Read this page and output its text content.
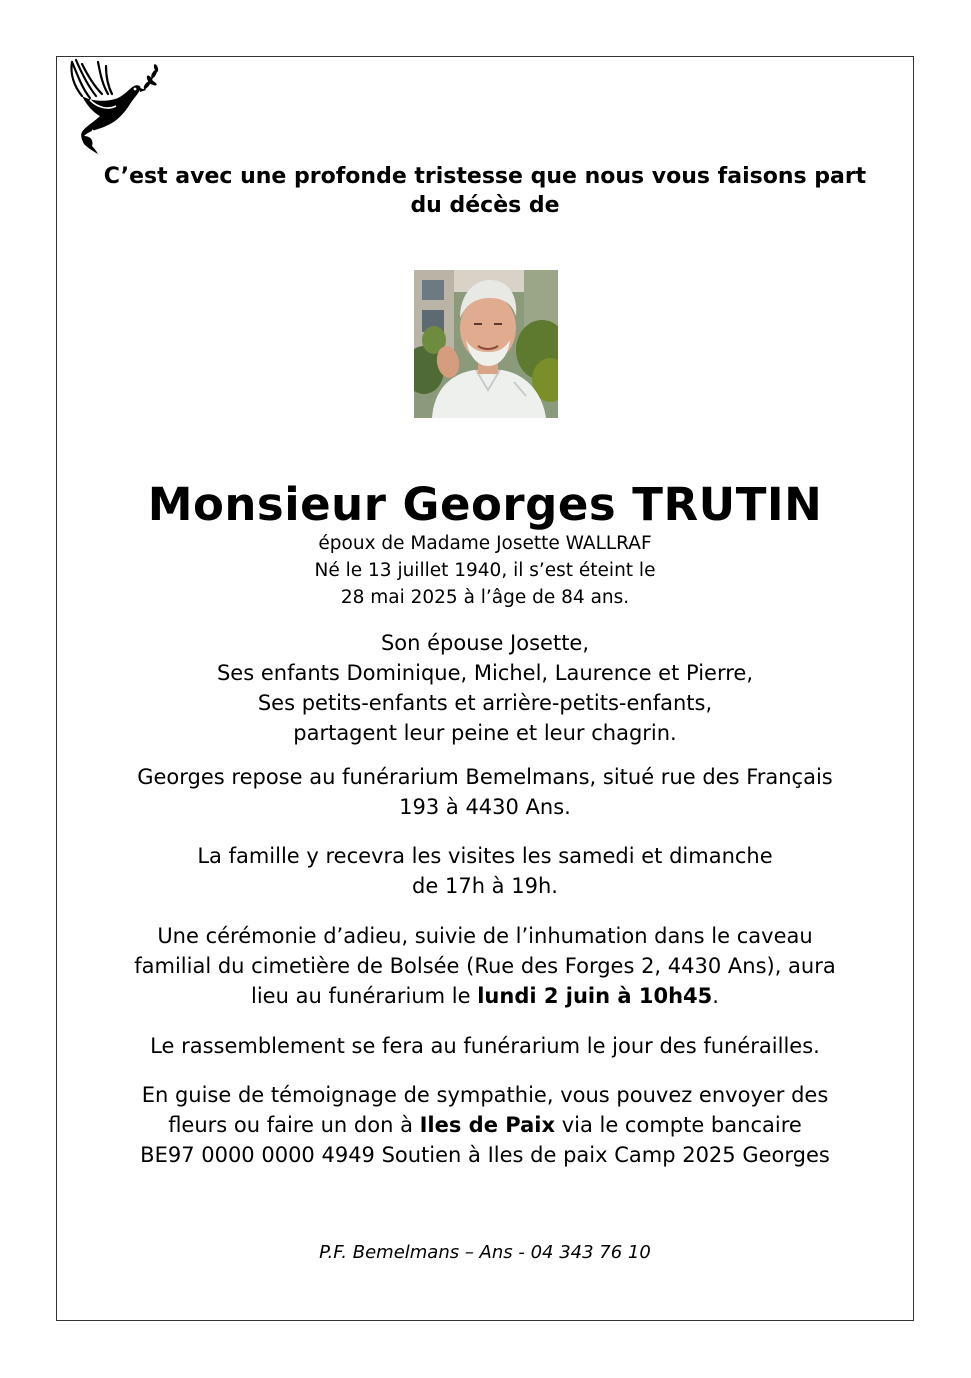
C’est avec une profonde tristesse que nous vous faisons part
du décès de
Monsieur Georges TRUTIN
époux de Madame Josette WALLRAF
Né le 13 juillet 1940, il s’est éteint le
28 mai 2025 à l’âge de 84 ans.
Son épouse Josette,
Ses enfants Dominique, Michel, Laurence et Pierre,
Ses petits-enfants et arrière-petits-enfants,
partagent leur peine et leur chagrin.
Georges repose au funérarium Bemelmans, situé rue des Français
193 à 4430 Ans.
La famille y recevra les visites les samedi et dimanche
de 17h à 19h.
Une cérémonie d’adieu, suivie de l’inhumation dans le caveau
familial du cimetière de Bolsée (Rue des Forges 2, 4430 Ans), aura
lieu au funérarium le lundi 2 juin à 10h45.
Le rassemblement se fera au funérarium le jour des funérailles.
En guise de témoignage de sympathie, vous pouvez envoyer des
fleurs ou faire un don à Iles de Paix via le compte bancaire
BE97 0000 0000 4949 Soutien à Iles de paix Camp 2025 Georges
P.F. Bemelmans – Ans - 04 343 76 10
